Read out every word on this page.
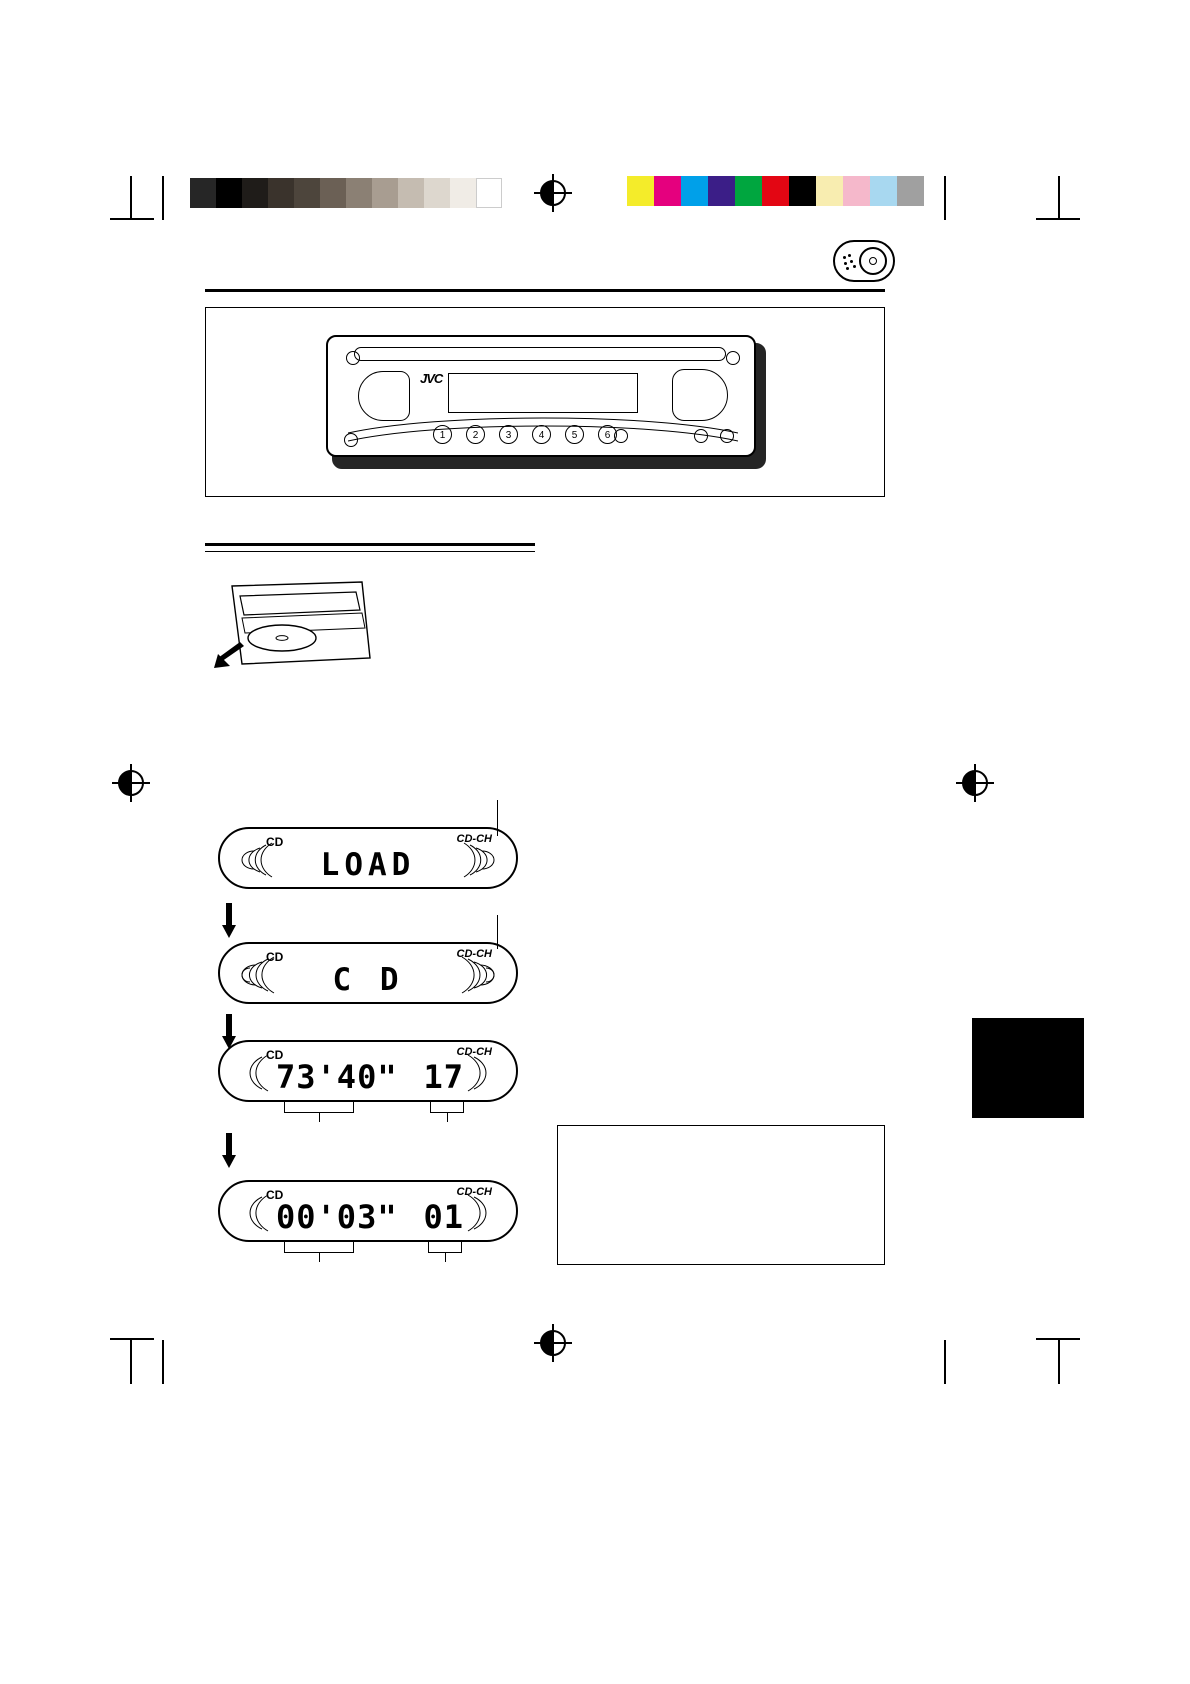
JVC
1	2	3	4	5	6
CD	CD-CH
LOAD
CD	CD-CH
C D
CD	CD-CH
73'40" 17
CD	CD-CH
00'03" 01
